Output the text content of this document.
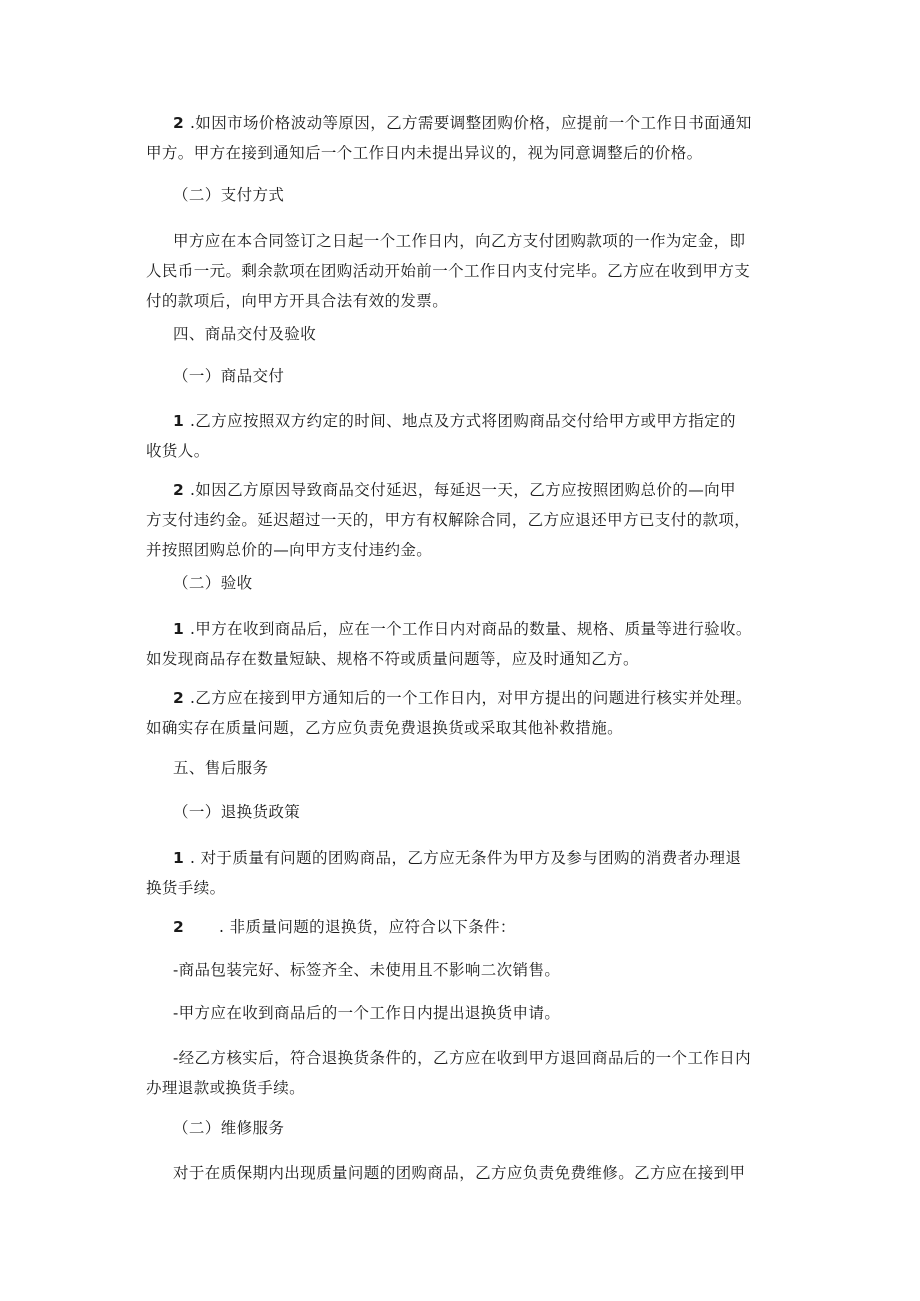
2 .如因市场价格波动等原因，乙方需要调整团购价格，应提前一个工作日书面通知
甲方。甲方在接到通知后一个工作日内未提出异议的，视为同意调整后的价格。

（二）支付方式

甲方应在本合同签订之日起一个工作日内，向乙方支付团购款项的一作为定金，即
人民币一元。剩余款项在团购活动开始前一个工作日内支付完毕。乙方应在收到甲方支
付的款项后，向甲方开具合法有效的发票。

四、商品交付及验收

（一）商品交付

1 .乙方应按照双方约定的时间、地点及方式将团购商品交付给甲方或甲方指定的
收货人。

2 .如因乙方原因导致商品交付延迟，每延迟一天，乙方应按照团购总价的—向甲
方支付违约金。延迟超过一天的，甲方有权解除合同，乙方应退还甲方已支付的款项，
并按照团购总价的—向甲方支付违约金。

（二）验收

1 .甲方在收到商品后，应在一个工作日内对商品的数量、规格、质量等进行验收。
如发现商品存在数量短缺、规格不符或质量问题等，应及时通知乙方。

2 .乙方应在接到甲方通知后的一个工作日内，对甲方提出的问题进行核实并处理。
如确实存在质量问题，乙方应负责免费退换货或采取其他补救措施。

五、售后服务

（一）退换货政策

1 . 对于质量有问题的团购商品，乙方应无条件为甲方及参与团购的消费者办理退
换货手续。

2      . 非质量问题的退换货，应符合以下条件：

-商品包装完好、标签齐全、未使用且不影响二次销售。

-甲方应在收到商品后的一个工作日内提出退换货申请。

-经乙方核实后，符合退换货条件的，乙方应在收到甲方退回商品后的一个工作日内
办理退款或换货手续。

（二）维修服务

对于在质保期内出现质量问题的团购商品，乙方应负责免费维修。乙方应在接到甲
